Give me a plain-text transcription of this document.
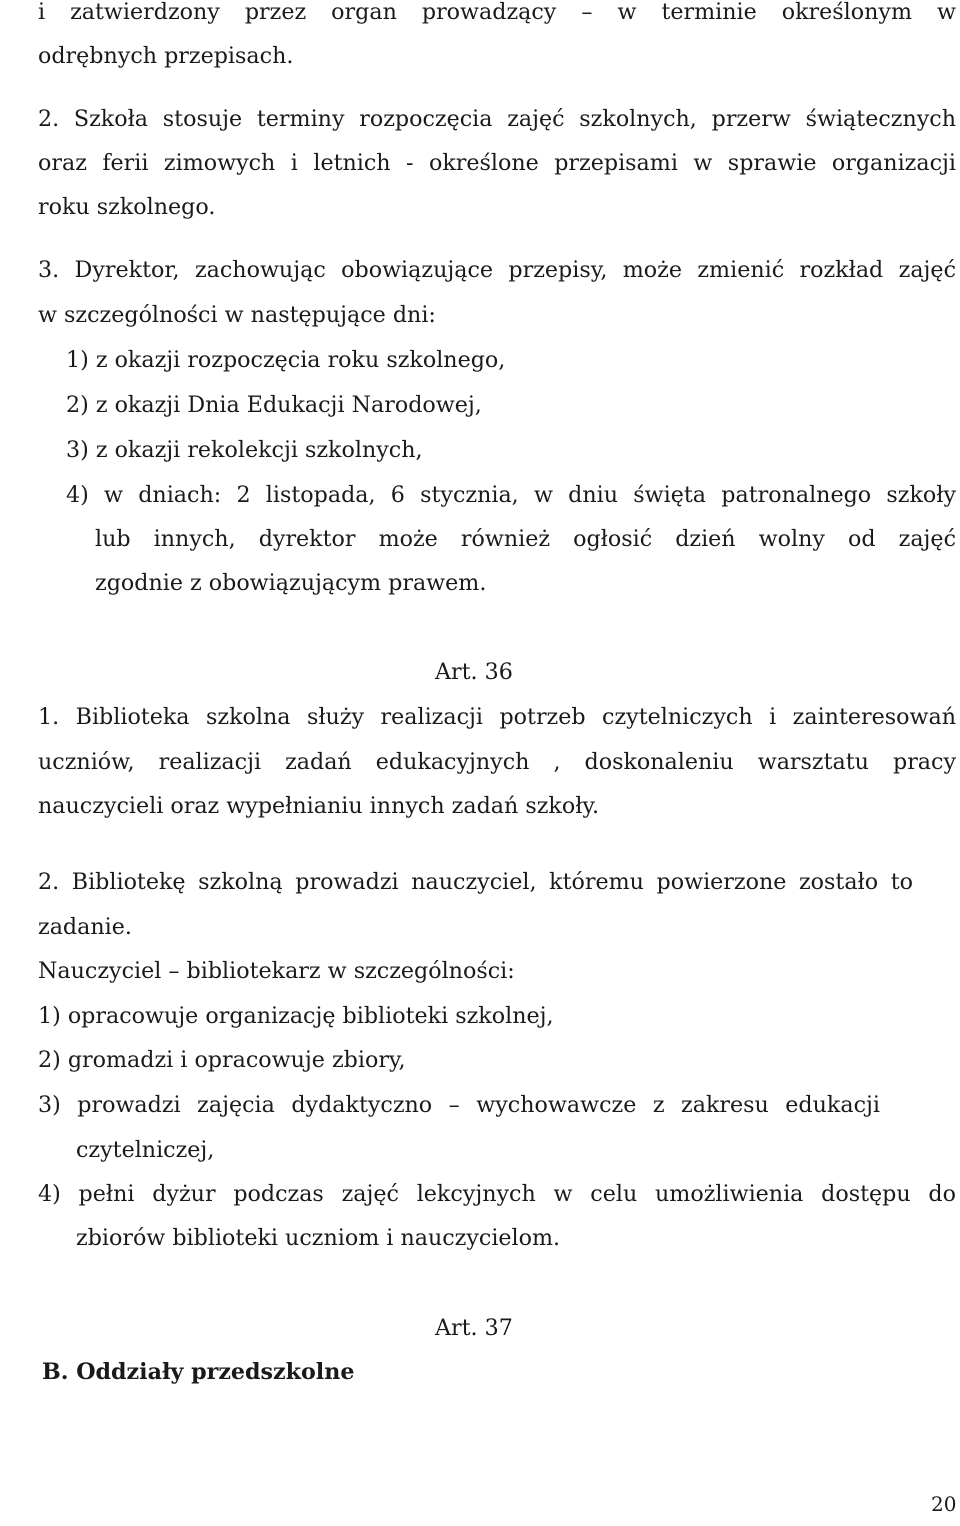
i zatwierdzony przez organ prowadzący – w terminie określonym w

odrębnych przepisach.

2. Szkoła stosuje terminy rozpoczęcia zajęć szkolnych, przerw świątecznych

oraz ferii zimowych i letnich - określone przepisami w sprawie organizacji

roku szkolnego.

3. Dyrektor, zachowując obowiązujące przepisy, może zmienić rozkład zajęć

w szczególności w następujące dni:

1) z okazji rozpoczęcia roku szkolnego,

2) z okazji Dnia Edukacji Narodowej,

3) z okazji rekolekcji szkolnych,

4) w dniach: 2 listopada, 6 stycznia, w dniu święta patronalnego szkoły

lub innych, dyrektor może również ogłosić dzień wolny od zajęć

zgodnie z obowiązującym prawem.

Art. 36

1. Biblioteka szkolna służy realizacji potrzeb czytelniczych i zainteresowań

uczniów, realizacji zadań edukacyjnych , doskonaleniu warsztatu pracy

nauczycieli oraz wypełnianiu innych zadań szkoły.

2. Bibliotekę szkolną prowadzi nauczyciel, któremu powierzone zostało to

zadanie.

Nauczyciel – bibliotekarz w szczególności:

1) opracowuje organizację biblioteki szkolnej,

2) gromadzi i opracowuje zbiory,

3) prowadzi zajęcia dydaktyczno – wychowawcze z zakresu edukacji

czytelniczej,

4) pełni dyżur podczas zajęć lekcyjnych w celu umożliwienia dostępu do

zbiorów biblioteki uczniom i nauczycielom.

Art. 37

B. Oddziały przedszkolne

20
